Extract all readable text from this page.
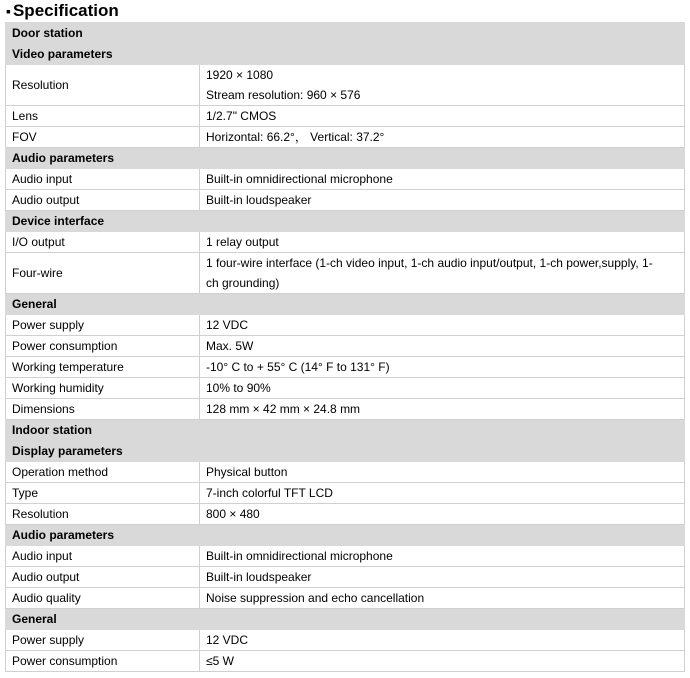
▪ Specification
Door station	
Video parameters	
Resolution	1920 × 1080
Stream resolution: 960 × 576

Lens	1/2.7" CMOS

FOV	Horizontal: 66.2°， Vertical: 37.2°

Audio parameters	
Audio input	Built-in omnidirectional microphone

Audio output	Built-in loudspeaker

Device interface	
I/O output	1 relay output

Four-wire	1 four-wire interface (1-ch video input, 1-ch audio input/output, 1-ch power,supply, 1-
ch grounding)

General	
Power supply	12 VDC

Power consumption	Max. 5W

Working temperature	-10° C to + 55° C (14° F to 131° F)

Working humidity	10% to 90%

Dimensions	128 mm × 42 mm × 24.8 mm

Indoor station	
Display parameters	
Operation method	Physical button

Type	7-inch colorful TFT LCD

Resolution	800 × 480

Audio parameters	
Audio input	Built-in omnidirectional microphone

Audio output	Built-in loudspeaker

Audio quality	Noise suppression and echo cancellation

General	
Power supply	12 VDC

Power consumption	≤5 W
